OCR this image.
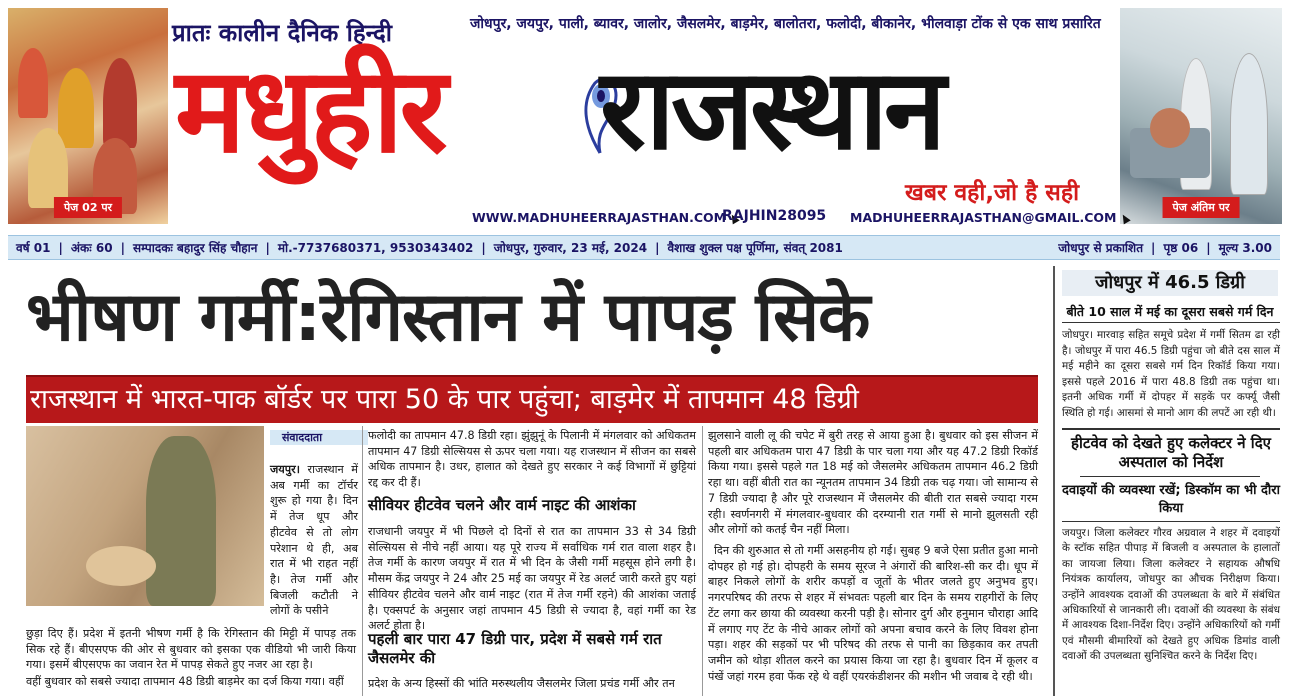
पेज 02 पर	पेज अंतिम पर
प्रातः कालीन दैनिक हिन्दी	जोधपुर, जयपुर, पाली, ब्यावर, जालोर, जैसलमेर, बाड़मेर, बालोतरा, फलोदी, बीकानेर, भीलवाड़ा टोंक से एक साथ प्रसारित
मधुहीर राजस्थान
खबर वही,जो है सही
WWW.MADHUHEERRAJASTHAN.COM
RAJHIN28095 MADHUHEERRAJASTHAN@GMAIL.COM
वर्ष 01 | अंकः 60 | सम्पादकः बहादुर सिंह चौहान | मो.-7737680371, 9530343402 | जोधपुर, गुरुवार, 23 मई, 2024 | वैशाख शुक्ल पक्ष पूर्णिमा, संवत् 2081	जोधपुर से प्रकाशित | पृष्ठ 06 | मूल्य 3.00
भीषण गर्मी:रेगिस्तान में पापड़ सिके
राजस्थान में भारत-पाक बॉर्डर पर पारा 50 के पार पहुंचा; बाड़मेर में तापमान 48 डिग्री
संवाददाता
जयपुर। राजस्थान में अब गर्मी का टॉर्चर शुरू हो गया है। दिन में तेज धूप और हीटवेव से तो लोग परेशान थे ही, अब रात में भी राहत नहीं है। तेज गर्मी और बिजली कटौती ने लोगों के पसीने
छुड़ा दिए हैं। प्रदेश में इतनी भीषण गर्मी है कि रेगिस्तान की मिट्टी में पापड़ तक सिक रहे हैं। बीएसएफ की ओर से बुधवार को इसका एक वीडियो भी जारी किया गया। इसमें बीएसएफ का जवान रेत में पापड़ सेकते हुए नजर आ रहा है।
वहीं बुधवार को सबसे ज्यादा तापमान 48 डिग्री बाड़मेर का दर्ज किया गया। वहीं
फलोदी का तापमान 47.8 डिग्री रहा। झुंझुनूं के पिलानी में मंगलवार को अधिकतम तापमान 47 डिग्री सेल्सियस से ऊपर चला गया। यह राजस्थान में सीजन का सबसे अधिक तापमान है। उधर, हालात को देखते हुए सरकार ने कई विभागों में छुट्टियां रद्द कर दी हैं।
सीवियर हीटवेव चलने और वार्म नाइट की आशंका
राजधानी जयपुर में भी पिछले दो दिनों से रात का तापमान 33 से 34 डिग्री सेल्सियस से नीचे नहीं आया। यह पूरे राज्य में सर्वाधिक गर्म रात वाला शहर है। तेज गर्मी के कारण जयपुर में रात में भी दिन के जैसी गर्मी महसूस होने लगी है। मौसम केंद्र जयपुर ने 24 और 25 मई का जयपुर में रेड अलर्ट जारी करते हुए यहां सीवियर हीटवेव चलने और वार्म नाइट (रात में तेज गर्मी रहने) की आशंका जताई है। एक्सपर्ट के अनुसार जहां तापमान 45 डिग्री से ज्यादा है, वहां गर्मी का रेड अलर्ट होता है।
पहली बार पारा 47 डिग्री पार, प्रदेश में सबसे गर्म रात जैसलमेर की
प्रदेश के अन्य हिस्सों की भांति मरुस्थलीय जैसलमेर जिला प्रचंड गर्मी और तन
झुलसाने वाली लू की चपेट में बुरी तरह से आया हुआ है। बुधवार को इस सीजन में पहली बार अधिकतम पारा 47 डिग्री के पार चला गया और यह 47.2 डिग्री रिकॉर्ड किया गया। इससे पहले गत 18 मई को जैसलमेर अधिकतम तापमान 46.2 डिग्री रहा था। वहीं बीती रात का न्यूनतम तापमान 34 डिग्री तक चढ़ गया। जो सामान्य से 7 डिग्री ज्यादा है और पूरे राजस्थान में जैसलमेर की बीती रात सबसे ज्यादा गरम रही। स्वर्णनगरी में मंगलवार-बुधवार की दरम्यानी रात गर्मी से मानो झुलसती रही और लोगों को कतई चैन नहीं मिला।
दिन की शुरुआत से तो गर्मी असहनीय हो गई। सुबह 9 बजे ऐसा प्रतीत हुआ मानो दोपहर हो गई हो। दोपहरी के समय सूरज ने अंगारों की बारिश-सी कर दी। धूप में बाहर निकले लोगों के शरीर कपड़ों व जूतों के भीतर जलते हुए अनुभव हुए। नगरपरिषद की तरफ से शहर में संभवतः पहली बार दिन के समय राहगीरों के लिए टेंट लगा कर छाया की व्यवस्था करनी पड़ी है। सोनार दुर्ग और हनुमान चौराहा आदि में लगाए गए टेंट के नीचे आकर लोगों को अपना बचाव करने के लिए विवश होना पड़ा। शहर की सड़कों पर भी परिषद की तरफ से पानी का छिड़काव कर तपती जमीन को थोड़ा शीतल करने का प्रयास किया जा रहा है। बुधवार दिन में कूलर व पंखें जहां गरम हवा फेंक रहे थे वहीं एयरकंडीशनर की मशीन भी जवाब दे रही थी।
जोधपुर में 46.5 डिग्री
बीते 10 साल में मई का दूसरा सबसे गर्म दिन
जोधपुर। मारवाड़ सहित समूचे प्रदेश में गर्मी सितम ढा रही है। जोधपुर में पारा 46.5 डिग्री पहुंचा जो बीते दस साल में मई महीने का दूसरा सबसे गर्म दिन रिकॉर्ड किया गया। इससे पहले 2016 में पारा 48.8 डिग्री तक पहुंचा था। इतनी अधिक गर्मी में दोपहर में सड़कें पर कर्फ्यू जैसी स्थिति हो गई। आसमां से मानो आग की लपटें आ रही थी।
हीटवेव को देखते हुए कलेक्टर ने दिए अस्पताल को निर्देश
दवाइयों की व्यवस्था रखें; डिस्कॉम का भी दौरा किया
जयपुर। जिला कलेक्टर गौरव अग्रवाल ने शहर में दवाइयों के स्टॉक सहित पीपाड़ में बिजली व अस्पताल के हालातों का जायजा लिया। जिला कलेक्टर ने सहायक औषधि नियंत्रक कार्यालय, जोधपुर का औचक निरीक्षण किया। उन्होंने आवश्यक दवाओं की उपलब्धता के बारे में संबंधित अधिकारियों से जानकारी ली। दवाओं की व्यवस्था के संबंध में आवश्यक दिशा-निर्देश दिए। उन्होंने अधिकारियों को गर्मी एवं मौसमी बीमारियों को देखते हुए अधिक डिमांड वाली दवाओं की उपलब्धता सुनिश्चित करने के निर्देश दिए।
